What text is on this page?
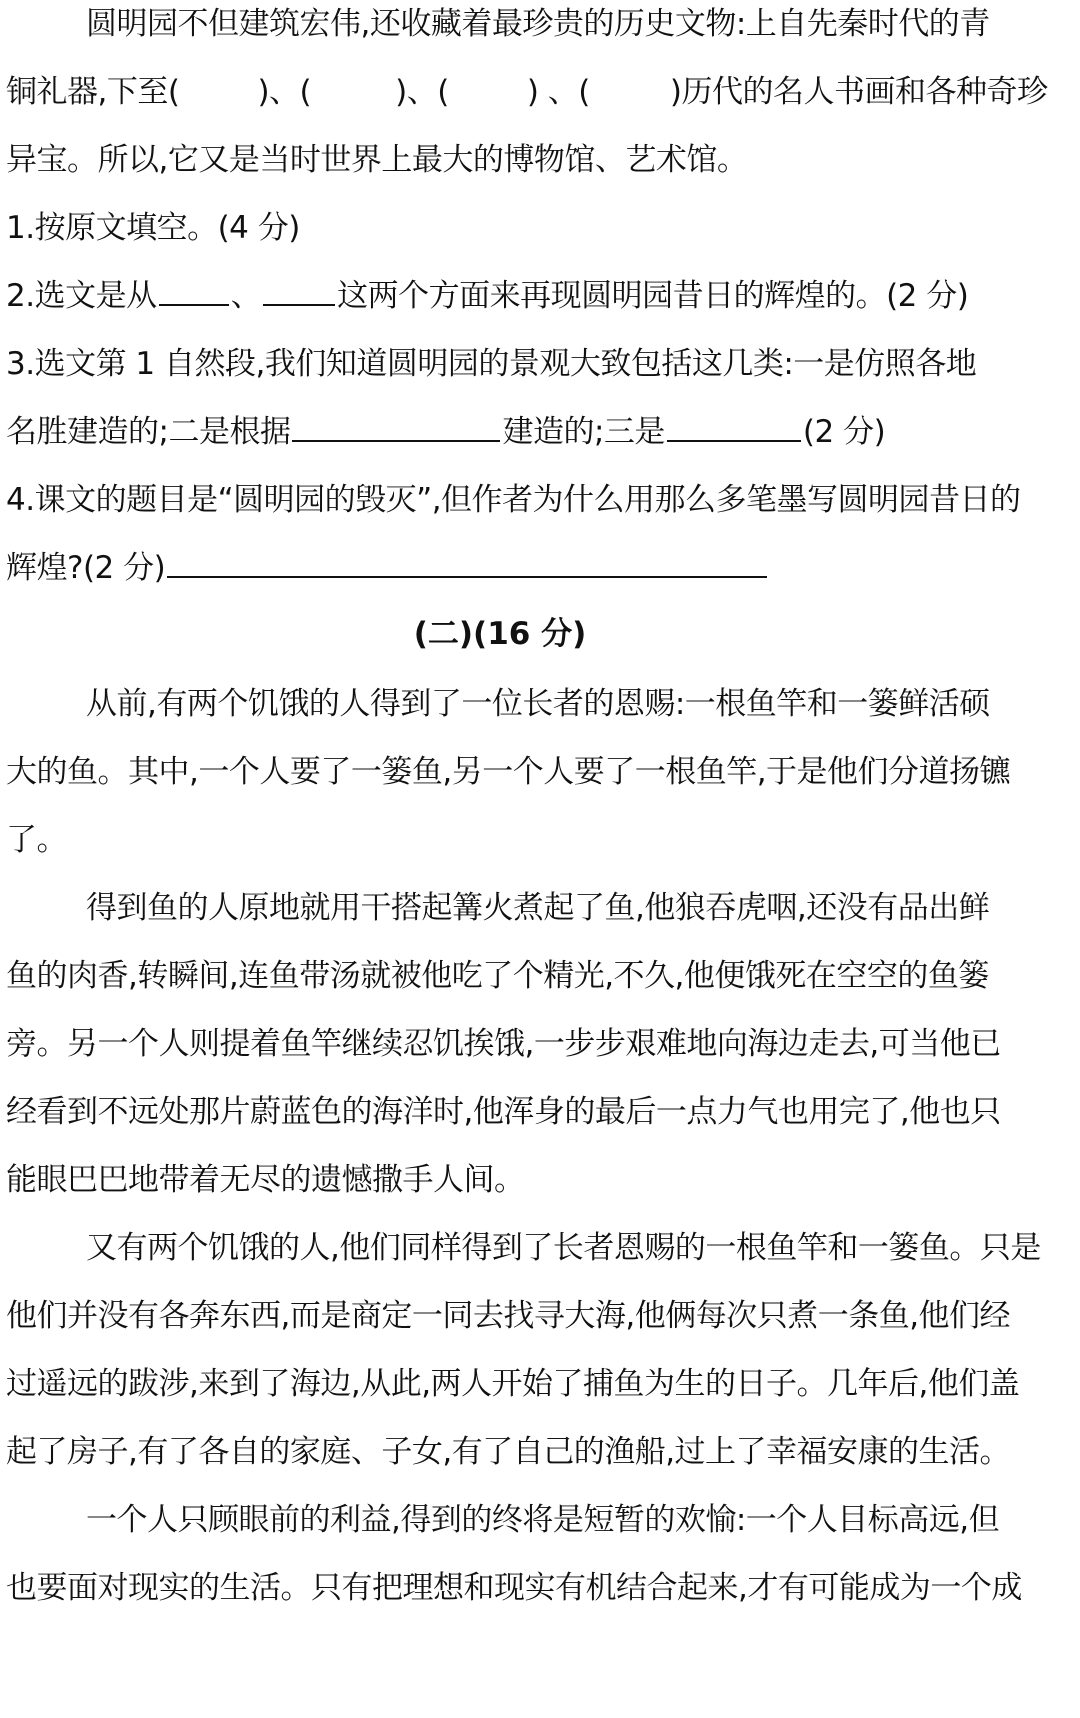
圆明园不但建筑宏伟,还收藏着最珍贵的历史文物:上自先秦时代的青
铜礼器,下至(	)、(	)、(	) 、(	)历代的名人书画和各种奇珍
异宝。所以,它又是当时世界上最大的博物馆、艺术馆。
1.按原文填空。(4 分)
2.选文是从 、 这两个方面来再现圆明园昔日的辉煌的。(2 分)
3.选文第 1 自然段,我们知道圆明园的景观大致包括这几类:一是仿照各地
名胜建造的;二是根据	建造的;三是	(2 分)
4.课文的题目是“圆明园的毁灭”,但作者为什么用那么多笔墨写圆明园昔日的
辉煌?(2 分)
(二)(16 分)
从前,有两个饥饿的人得到了一位长者的恩赐:一根鱼竿和一篓鲜活硕
大的鱼。其中,一个人要了一篓鱼,另一个人要了一根鱼竿,于是他们分道扬镳
了。
得到鱼的人原地就用干搭起篝火煮起了鱼,他狼吞虎咽,还没有品出鲜
鱼的肉香,转瞬间,连鱼带汤就被他吃了个精光,不久,他便饿死在空空的鱼篓
旁。另一个人则提着鱼竿继续忍饥挨饿,一步步艰难地向海边走去,可当他已
经看到不远处那片蔚蓝色的海洋时,他浑身的最后一点力气也用完了,他也只
能眼巴巴地带着无尽的遗憾撒手人间。
又有两个饥饿的人,他们同样得到了长者恩赐的一根鱼竿和一篓鱼。只是
他们并没有各奔东西,而是商定一同去找寻大海,他俩每次只煮一条鱼,他们经
过遥远的跋涉,来到了海边,从此,两人开始了捕鱼为生的日子。几年后,他们盖
起了房子,有了各自的家庭、子女,有了自己的渔船,过上了幸福安康的生活。
一个人只顾眼前的利益,得到的终将是短暂的欢愉:一个人目标高远,但
也要面对现实的生活。只有把理想和现实有机结合起来,才有可能成为一个成
